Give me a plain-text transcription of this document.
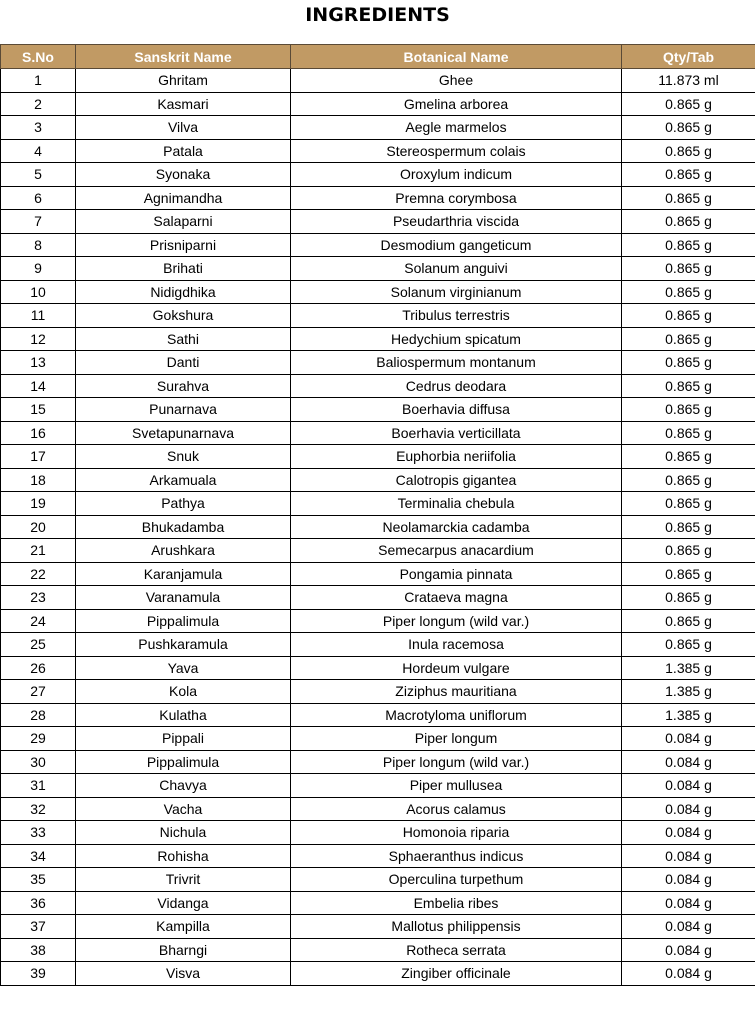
INGREDIENTS
S.No	Sanskrit Name	Botanical Name	Qty/Tab
1	Ghritam	Ghee	11.873 ml
2	Kasmari	Gmelina arborea	0.865 g
3	Vilva	Aegle marmelos	0.865 g
4	Patala	Stereospermum colais	0.865 g
5	Syonaka	Oroxylum indicum	0.865 g
6	Agnimandha	Premna corymbosa	0.865 g
7	Salaparni	Pseudarthria viscida	0.865 g
8	Prisniparni	Desmodium gangeticum	0.865 g
9	Brihati	Solanum anguivi	0.865 g
10	Nidigdhika	Solanum virginianum	0.865 g
11	Gokshura	Tribulus terrestris	0.865 g
12	Sathi	Hedychium spicatum	0.865 g
13	Danti	Baliospermum montanum	0.865 g
14	Surahva	Cedrus deodara	0.865 g
15	Punarnava	Boerhavia diffusa	0.865 g
16	Svetapunarnava	Boerhavia verticillata	0.865 g
17	Snuk	Euphorbia neriifolia	0.865 g
18	Arkamuala	Calotropis gigantea	0.865 g
19	Pathya	Terminalia chebula	0.865 g
20	Bhukadamba	Neolamarckia cadamba	0.865 g
21	Arushkara	Semecarpus anacardium	0.865 g
22	Karanjamula	Pongamia pinnata	0.865 g
23	Varanamula	Crataeva magna	0.865 g
24	Pippalimula	Piper longum (wild var.)	0.865 g
25	Pushkaramula	Inula racemosa	0.865 g
26	Yava	Hordeum vulgare	1.385 g
27	Kola	Ziziphus mauritiana	1.385 g
28	Kulatha	Macrotyloma uniflorum	1.385 g
29	Pippali	Piper longum	0.084 g
30	Pippalimula	Piper longum (wild var.)	0.084 g
31	Chavya	Piper mullusea	0.084 g
32	Vacha	Acorus calamus	0.084 g
33	Nichula	Homonoia riparia	0.084 g
34	Rohisha	Sphaeranthus indicus	0.084 g
35	Trivrit	Operculina turpethum	0.084 g
36	Vidanga	Embelia ribes	0.084 g
37	Kampilla	Mallotus philippensis	0.084 g
38	Bharngi	Rotheca serrata	0.084 g
39	Visva	Zingiber officinale	0.084 g
